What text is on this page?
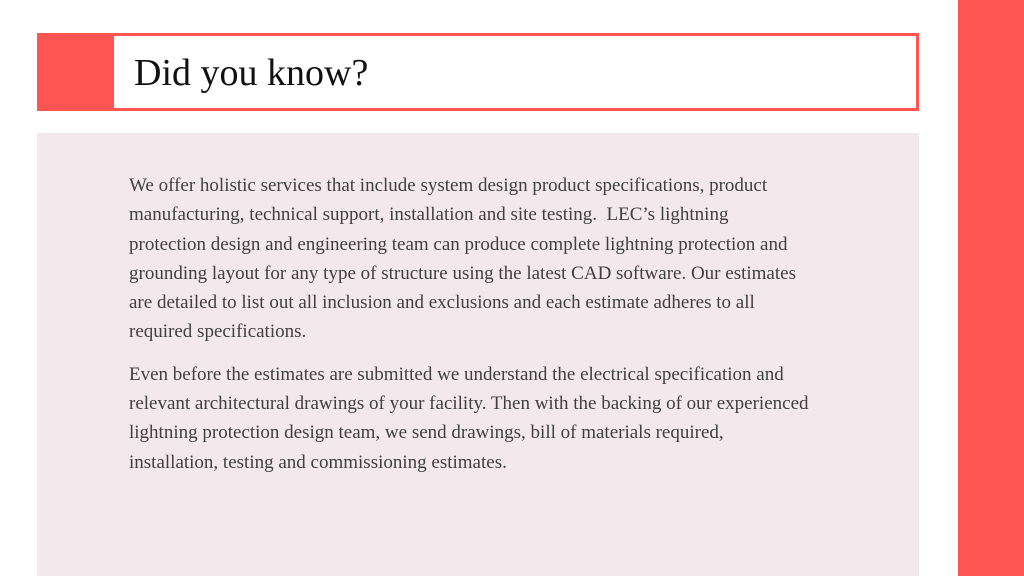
Did you know?

We offer holistic services that include system design product specifications, product manufacturing, technical support, installation and site testing.  LEC’s lightning protection design and engineering team can produce complete lightning protection and grounding layout for any type of structure using the latest CAD software. Our estimates are detailed to list out all inclusion and exclusions and each estimate adheres to all required specifications.

Even before the estimates are submitted we understand the electrical specification and relevant architectural drawings of your facility. Then with the backing of our experienced lightning protection design team, we send drawings, bill of materials required, installation, testing and commissioning estimates.
